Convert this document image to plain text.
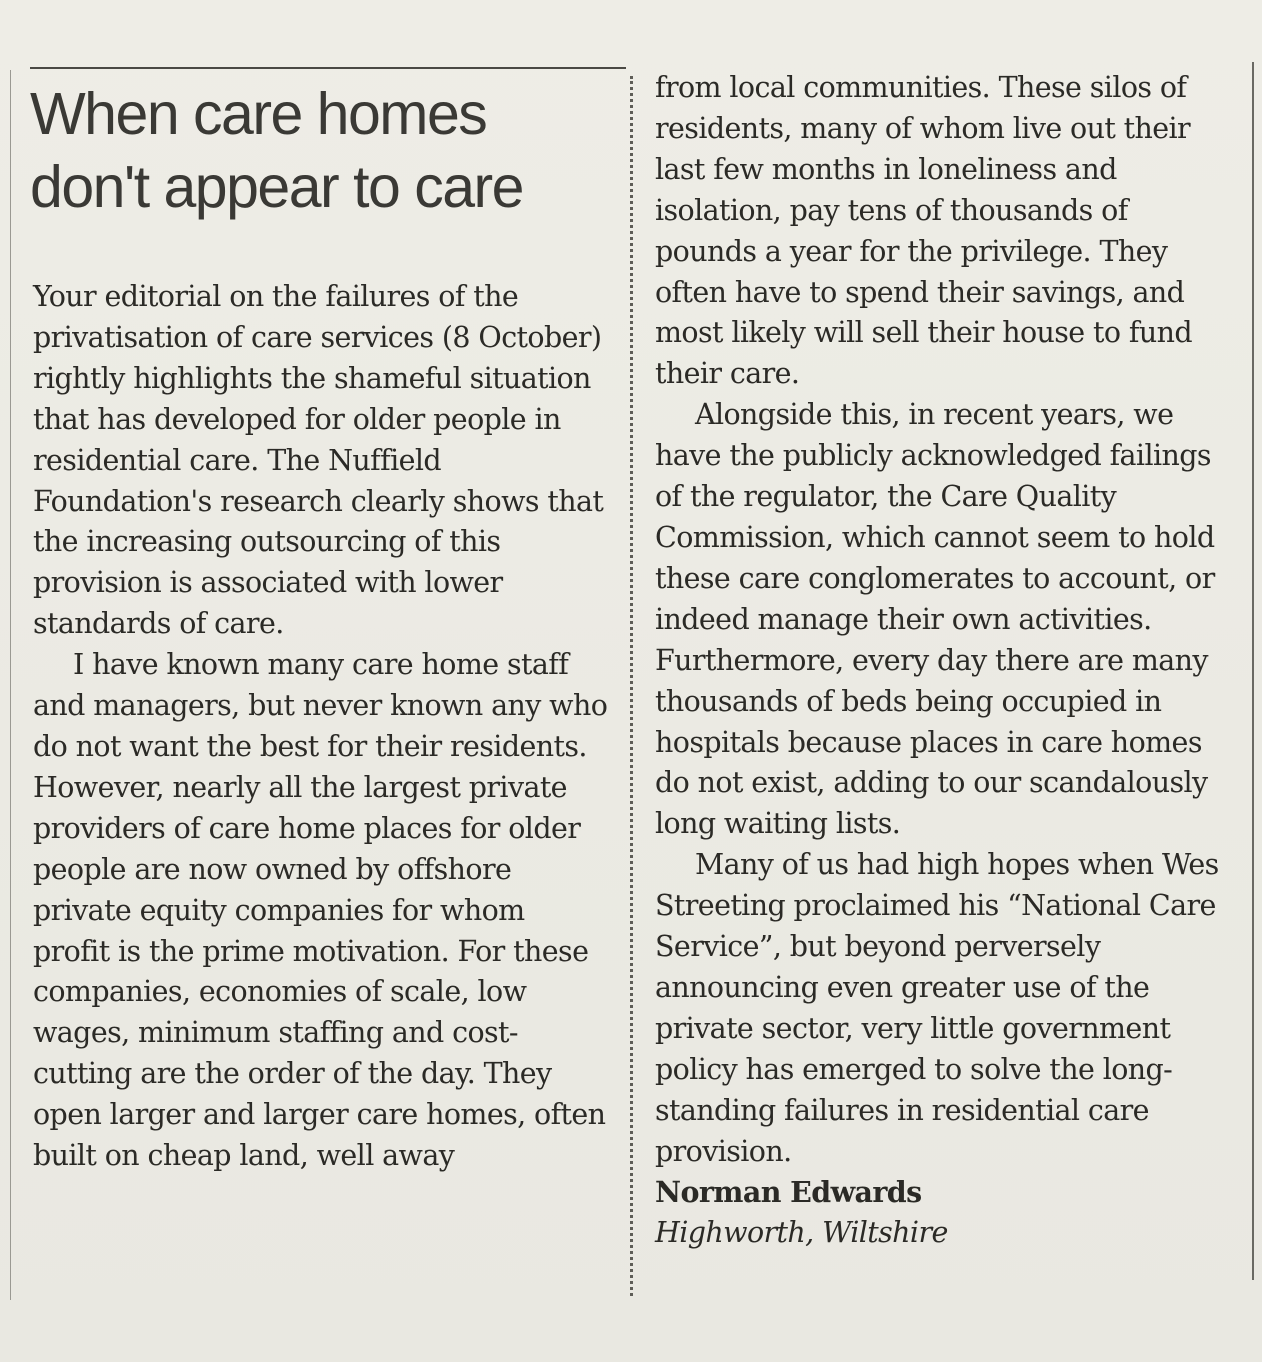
When care homes don't appear to care

Your editorial on the failures of the privatisation of care services (8 October) rightly highlights the shameful situation that has developed for older people in residential care. The Nuffield Foundation's research clearly shows that the increasing outsourcing of this provision is associated with lower standards of care.

I have known many care home staff and managers, but never known any who do not want the best for their residents. However, nearly all the largest private providers of care home places for older people are now owned by offshore private equity companies for whom profit is the prime motivation. For these companies, economies of scale, low wages, minimum staffing and cost-cutting are the order of the day. They open larger and larger care homes, often built on cheap land, well away

from local communities. These silos of residents, many of whom live out their last few months in loneliness and isolation, pay tens of thousands of pounds a year for the privilege. They often have to spend their savings, and most likely will sell their house to fund their care.

Alongside this, in recent years, we have the publicly acknowledged failings of the regulator, the Care Quality Commission, which cannot seem to hold these care conglomerates to account, or indeed manage their own activities. Furthermore, every day there are many thousands of beds being occupied in hospitals because places in care homes do not exist, adding to our scandalously long waiting lists.

Many of us had high hopes when Wes Streeting proclaimed his “National Care Service”, but beyond perversely announcing even greater use of the private sector, very little government policy has emerged to solve the long-standing failures in residential care provision.

Norman Edwards

Highworth, Wiltshire
